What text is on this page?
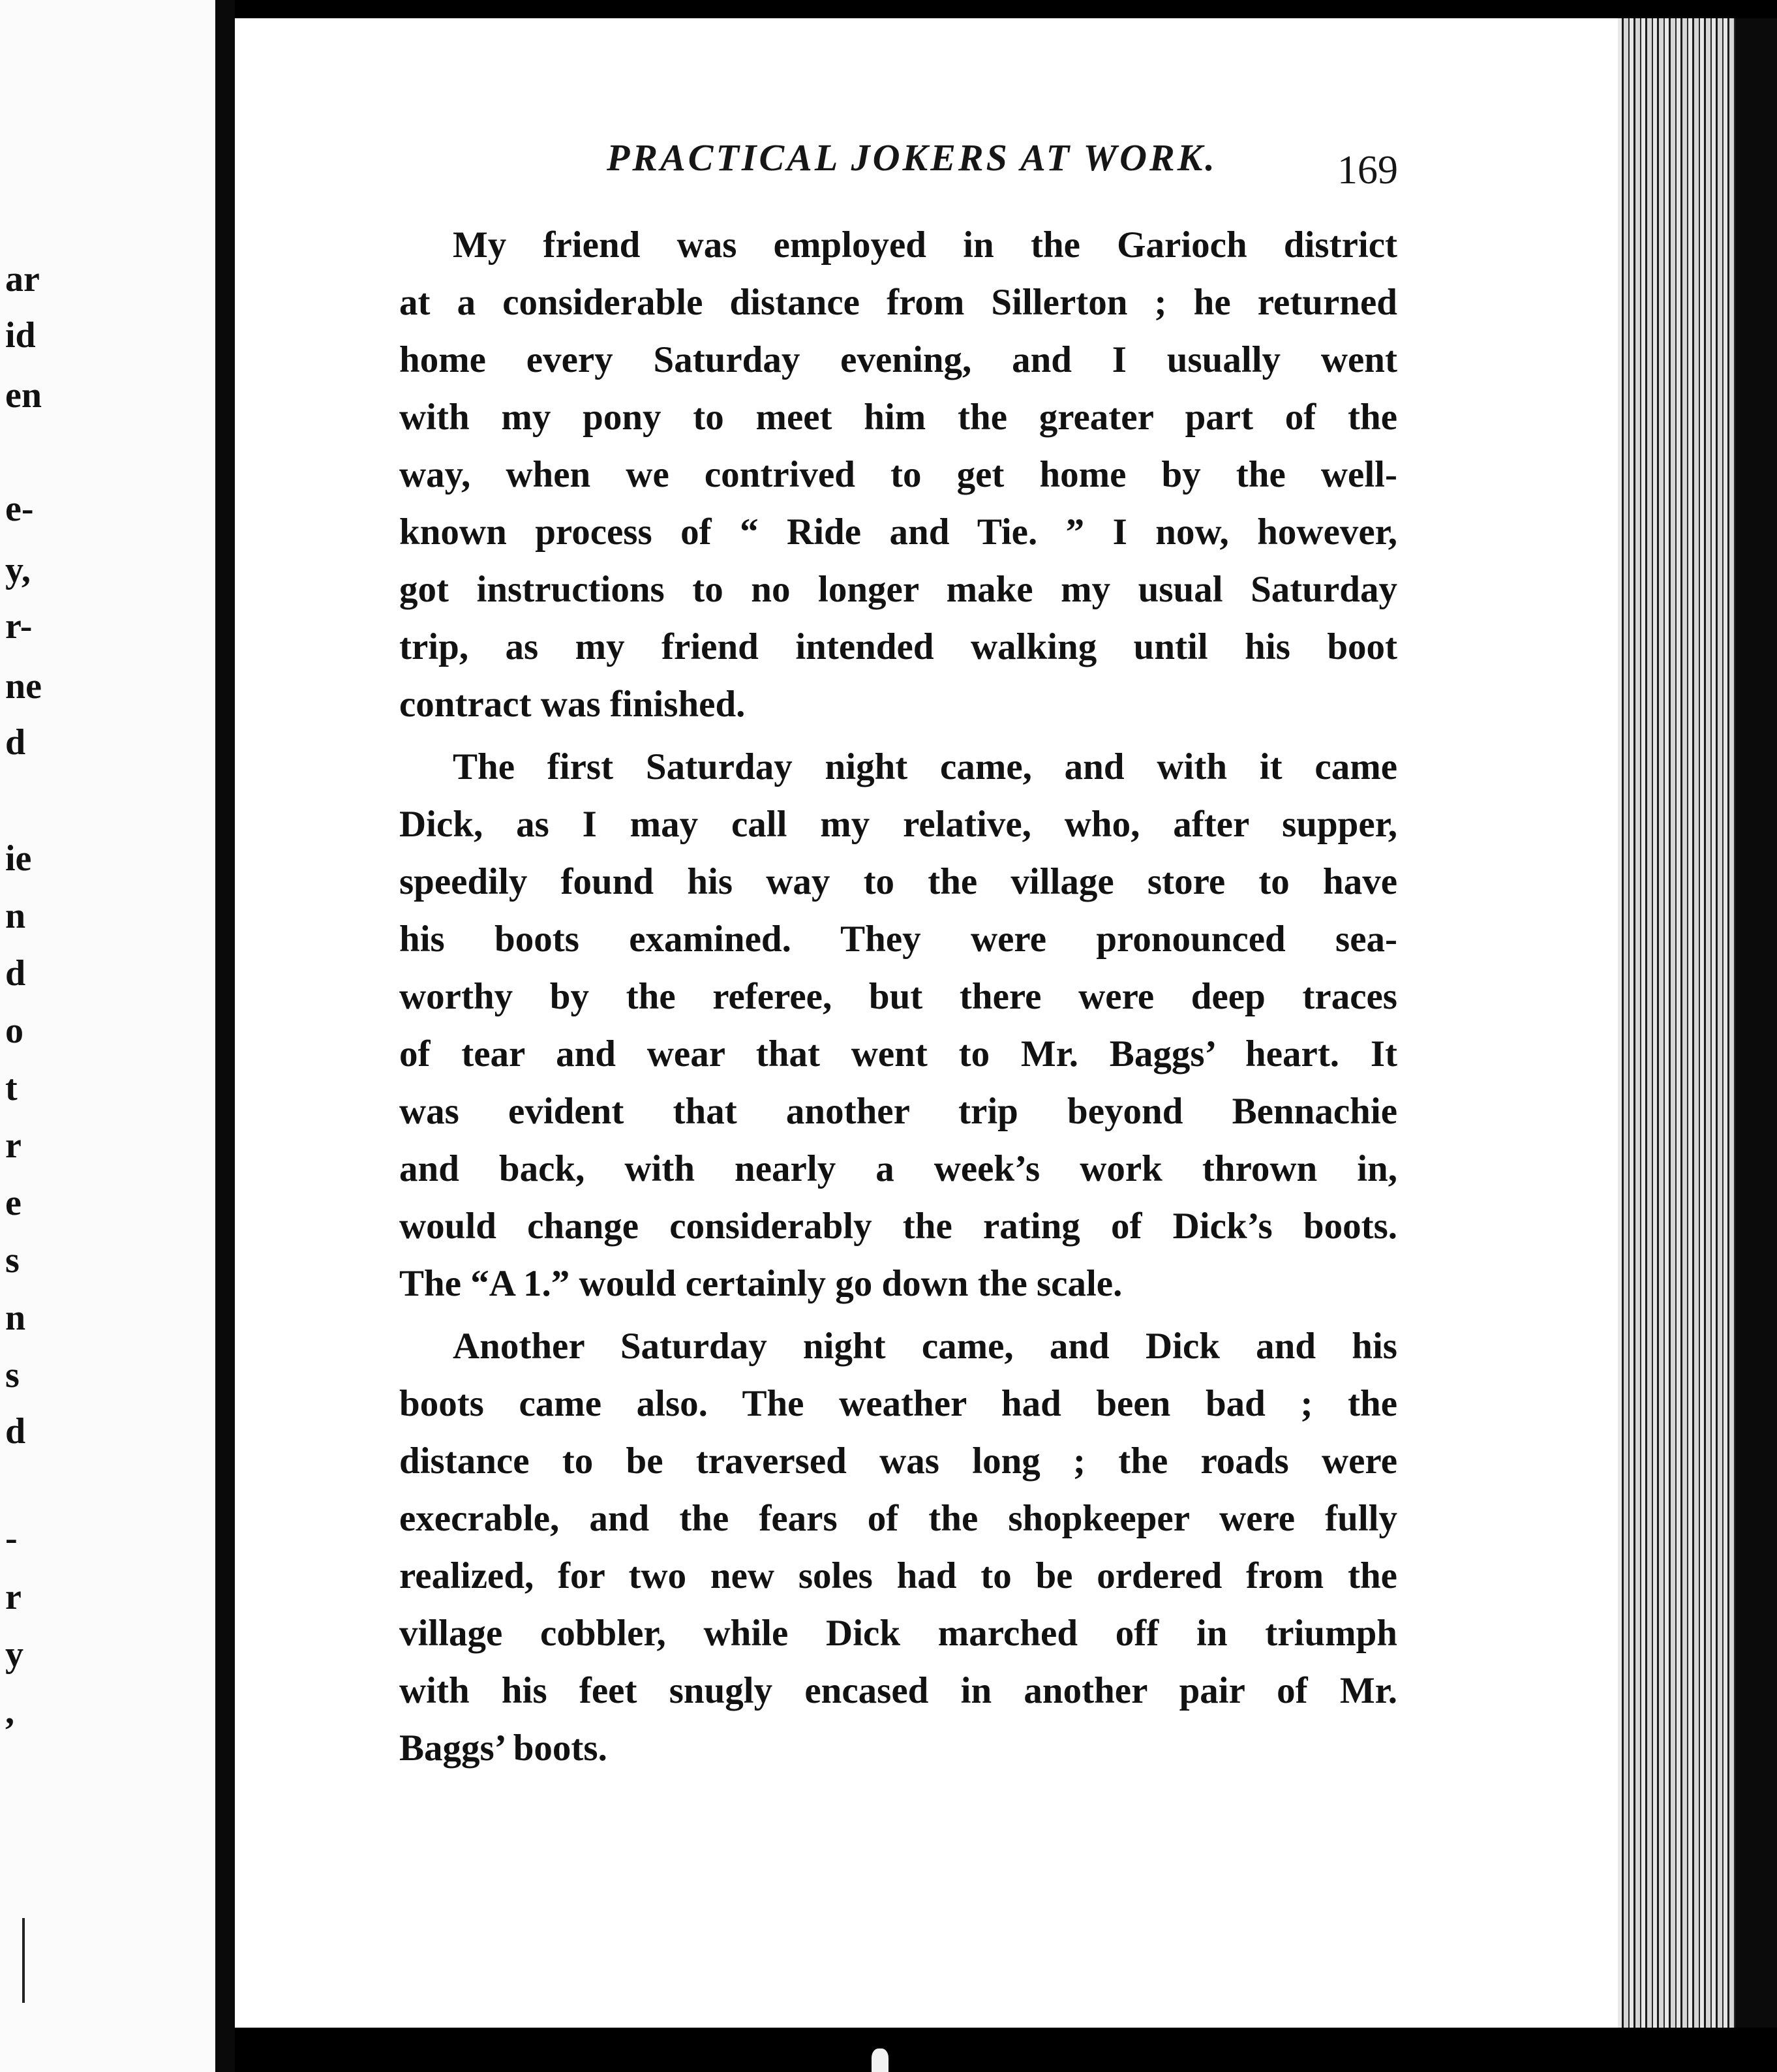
ar
id
en
e-
y,
r-
ne
d
ie
n
d
o
t
r
e
s
n
s
d
-
r
y
,
PRACTICAL JOKERS AT WORK.	169
My friend was employed in the Garioch district
at a considerable distance from Sillerton ; he returned
home every Saturday evening, and I usually went
with my pony to meet him the greater part of the
way, when we contrived to get home by the well-
known process of “ Ride and Tie. ” I now, however,
got instructions to no longer make my usual Saturday
trip, as my friend intended walking until his boot
contract was finished.
The first Saturday night came, and with it came
Dick, as I may call my relative, who, after supper,
speedily found his way to the village store to have
his boots examined. They were pronounced sea-
worthy by the referee, but there were deep traces
of tear and wear that went to Mr. Baggs’ heart. It
was evident that another trip beyond Bennachie
and back, with nearly a week’s work thrown in,
would change considerably the rating of Dick’s boots.
The “A 1.” would certainly go down the scale.
Another Saturday night came, and Dick and his
boots came also. The weather had been bad ; the
distance to be traversed was long ; the roads were
execrable, and the fears of the shopkeeper were fully
realized, for two new soles had to be ordered from the
village cobbler, while Dick marched off in triumph
with his feet snugly encased in another pair of Mr.
Baggs’ boots.
